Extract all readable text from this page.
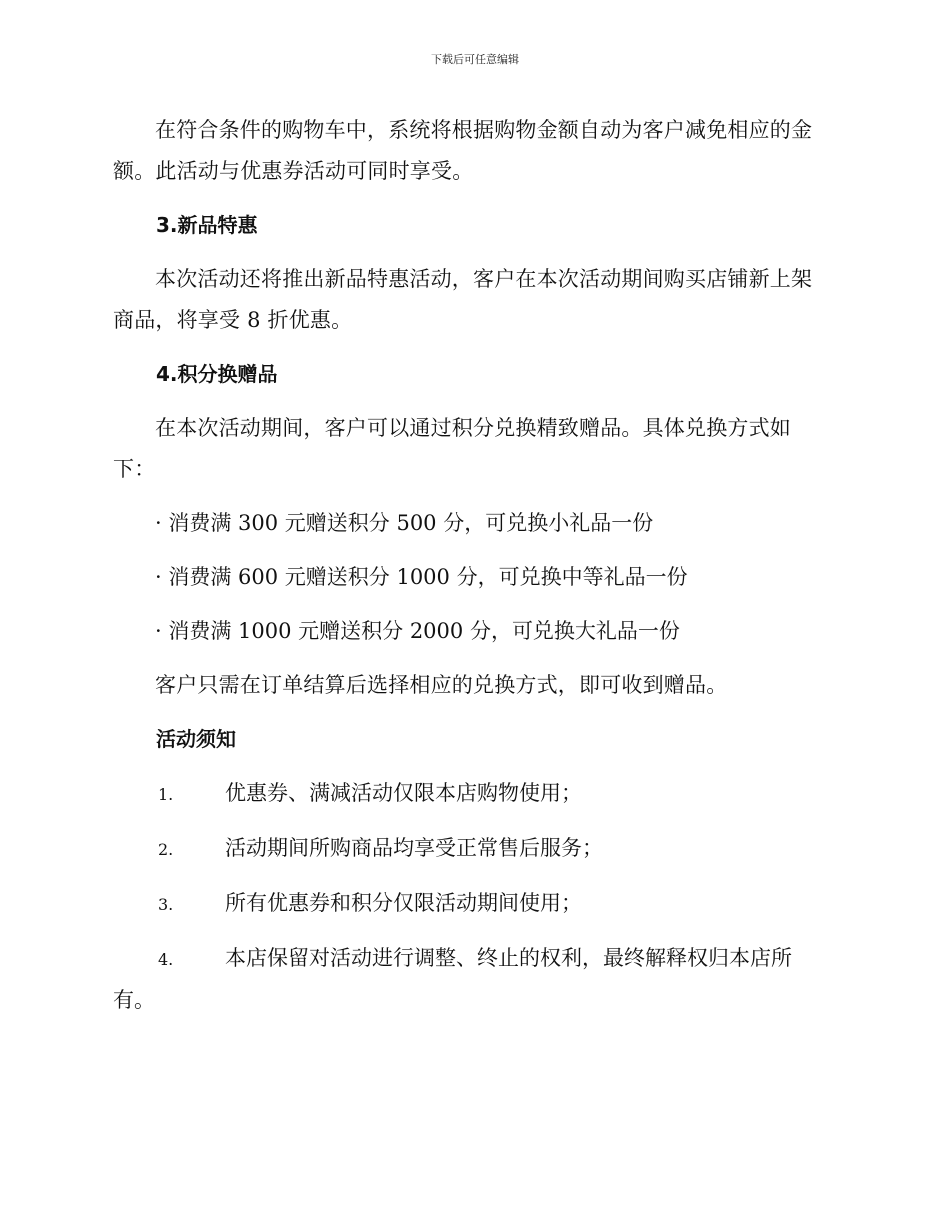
下载后可任意编辑

在符合条件的购物车中，系统将根据购物金额自动为客户减免相应的金额。此活动与优惠券活动可同时享受。

3.新品特惠

本次活动还将推出新品特惠活动，客户在本次活动期间购买店铺新上架商品，将享受 8 折优惠。

4.积分换赠品

在本次活动期间，客户可以通过积分兑换精致赠品。具体兑换方式如下：

· 消费满 300 元赠送积分 500 分，可兑换小礼品一份

· 消费满 600 元赠送积分 1000 分，可兑换中等礼品一份

· 消费满 1000 元赠送积分 2000 分，可兑换大礼品一份

客户只需在订单结算后选择相应的兑换方式，即可收到赠品。

活动须知

1. 优惠券、满减活动仅限本店购物使用；

2. 活动期间所购商品均享受正常售后服务；

3. 所有优惠券和积分仅限活动期间使用；

4. 本店保留对活动进行调整、终止的权利，最终解释权归本店所
有。
